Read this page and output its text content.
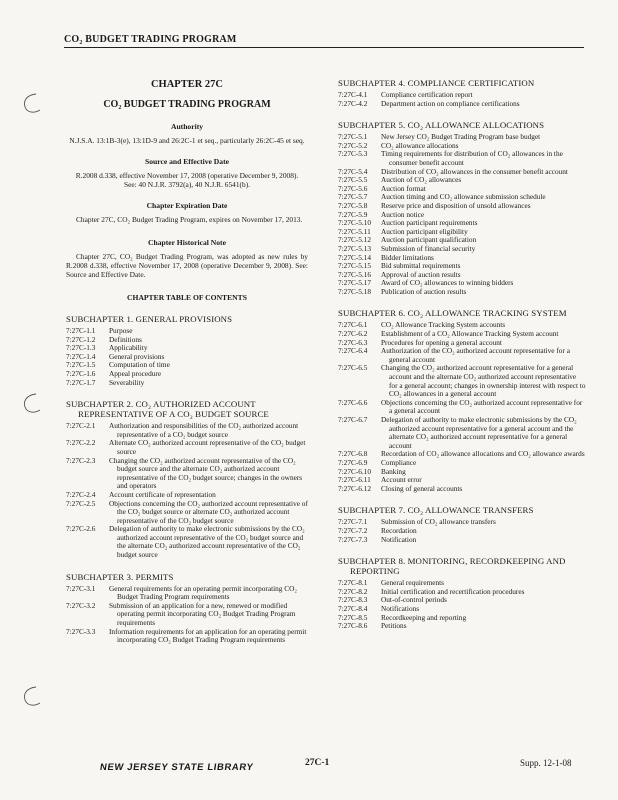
CO₂ BUDGET TRADING PROGRAM
CHAPTER 27C
CO₂ BUDGET TRADING PROGRAM
Authority
N.J.S.A. 13:1B-3(e), 13:1D-9 and 26:2C-1 et seq., particularly 26:2C-45 et seq.
Source and Effective Date
R.2008 d.338, effective November 17, 2008 (operative December 9, 2008).
See: 40 N.J.R. 3792(a), 40 N.J.R. 6541(b).
Chapter Expiration Date
Chapter 27C, CO₂ Budget Trading Program, expires on November 17, 2013.
Chapter Historical Note
Chapter 27C, CO₂ Budget Trading Program, was adopted as new rules by R.2008 d.338, effective November 17, 2008 (operative December 9, 2008). See: Source and Effective Date.
CHAPTER TABLE OF CONTENTS
SUBCHAPTER 1. GENERAL PROVISIONS
7:27C-1.1	Purpose
7:27C-1.2	Definitions
7:27C-1.3	Applicability
7:27C-1.4	General provisions
7:27C-1.5	Computation of time
7:27C-1.6	Appeal procedure
7:27C-1.7	Severability
SUBCHAPTER 2. CO₂ AUTHORIZED ACCOUNT REPRESENTATIVE OF A CO₂ BUDGET SOURCE
7:27C-2.1	Authorization and responsibilities of the CO₂ authorized account representative of a CO₂ budget source
7:27C-2.2	Alternate CO₂ authorized account representative of the CO₂ budget source
7:27C-2.3	Changing the CO₂ authorized account representative of the CO₂ budget source and the alternate CO₂ authorized account representative of the CO₂ budget source; changes in the owners and operators
7:27C-2.4	Account certificate of representation
7:27C-2.5	Objections concerning the CO₂ authorized account representative of the CO₂ budget source or alternate CO₂ authorized account representative of the CO₂ budget source
7:27C-2.6	Delegation of authority to make electronic submissions by the CO₂ authorized account representative of the CO₂ budget source and the alternate CO₂ authorized account representative of the CO₂ budget source
SUBCHAPTER 3. PERMITS
7:27C-3.1	General requirements for an operating permit incorporating CO₂ Budget Trading Program requirements
7:27C-3.2	Submission of an application for a new, renewed or modified operating permit incorporating CO₂ Budget Trading Program requirements
7:27C-3.3	Information requirements for an application for an operating permit incorporating CO₂ Budget Trading Program requirements
SUBCHAPTER 4. COMPLIANCE CERTIFICATION
7:27C-4.1	Compliance certification report
7:27C-4.2	Department action on compliance certifications
SUBCHAPTER 5. CO₂ ALLOWANCE ALLOCATIONS
7:27C-5.1	New Jersey CO₂ Budget Trading Program base budget
7:27C-5.2	CO₂ allowance allocations
7:27C-5.3	Timing requirements for distribution of CO₂ allowances in the consumer benefit account
7:27C-5.4	Distribution of CO₂ allowances in the consumer benefit account
7:27C-5.5	Auction of CO₂ allowances
7:27C-5.6	Auction format
7:27C-5.7	Auction timing and CO₂ allowance submission schedule
7:27C-5.8	Reserve price and disposition of unsold allowances
7:27C-5.9	Auction notice
7:27C-5.10	Auction participant requirements
7:27C-5.11	Auction participant eligibility
7:27C-5.12	Auction participant qualification
7:27C-5.13	Submission of financial security
7:27C-5.14	Bidder limitations
7:27C-5.15	Bid submittal requirements
7:27C-5.16	Approval of auction results
7:27C-5.17	Award of CO₂ allowances to winning bidders
7:27C-5.18	Publication of auction results
SUBCHAPTER 6. CO₂ ALLOWANCE TRACKING SYSTEM
7:27C-6.1	CO₂ Allowance Tracking System accounts
7:27C-6.2	Establishment of a CO₂ Allowance Tracking System account
7:27C-6.3	Procedures for opening a general account
7:27C-6.4	Authorization of the CO₂ authorized account representative for a general account
7:27C-6.5	Changing the CO₂ authorized account representative for a general account and the alternate CO₂ authorized account representative for a general account; changes in ownership interest with respect to CO₂ allowances in a general account
7:27C-6.6	Objections concerning the CO₂ authorized account representative for a general account
7:27C-6.7	Delegation of authority to make electronic submissions by the CO₂ authorized account representative for a general account and the alternate CO₂ authorized account representative for a general account
7:27C-6.8	Recordation of CO₂ allowance allocations and CO₂ allowance awards
7:27C-6.9	Compliance
7:27C-6.10	Banking
7:27C-6.11	Account error
7:27C-6.12	Closing of general accounts
SUBCHAPTER 7. CO₂ ALLOWANCE TRANSFERS
7:27C-7.1	Submission of CO₂ allowance transfers
7:27C-7.2	Recordation
7:27C-7.3	Notification
SUBCHAPTER 8. MONITORING, RECORDKEEPING AND REPORTING
7:27C-8.1	General requirements
7:27C-8.2	Initial certification and recertification procedures
7:27C-8.3	Out-of-control periods
7:27C-8.4	Notifications
7:27C-8.5	Recordkeeping and reporting
7:27C-8.6	Petitions
NEW JERSEY STATE LIBRARY	27C-1	Supp. 12-1-08
